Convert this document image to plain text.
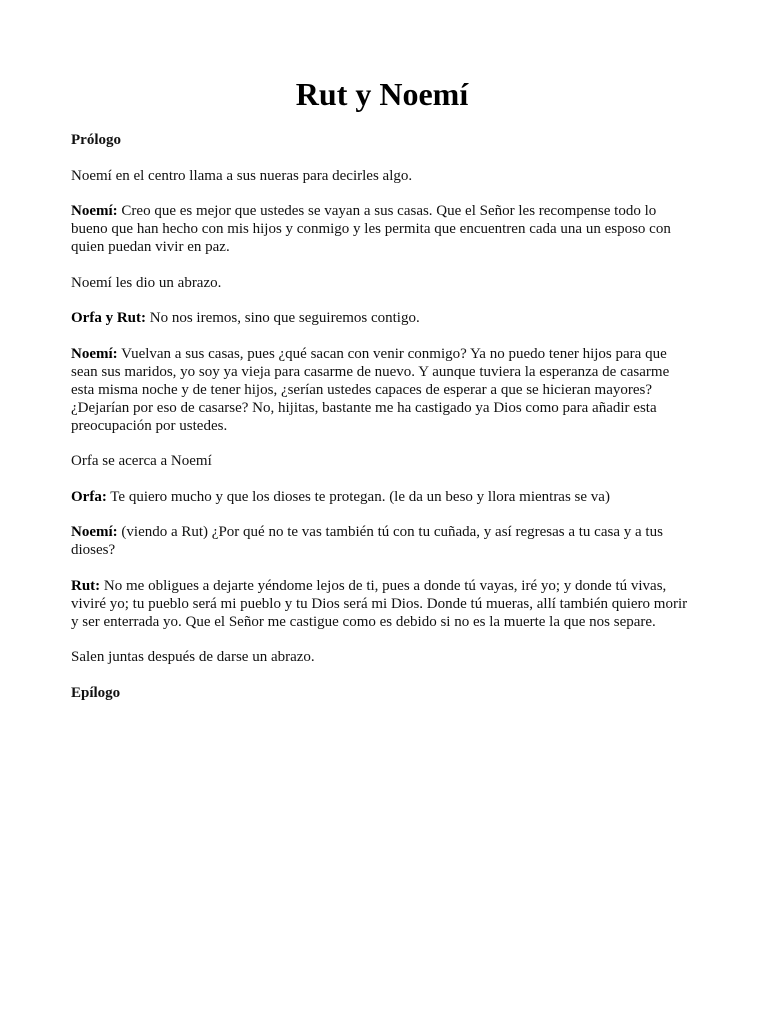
Rut y Noemí

Prólogo

Noemí en el centro llama a sus nueras para decirles algo.

Noemí: Creo que es mejor que ustedes se vayan a sus casas. Que el Señor les recompense todo lo bueno que han hecho con mis hijos y conmigo y les permita que encuentren cada una un esposo con quien puedan vivir en paz.

Noemí les dio un abrazo.

Orfa y Rut: No nos iremos, sino que seguiremos contigo.

Noemí: Vuelvan a sus casas, pues ¿qué sacan con venir conmigo? Ya no puedo tener hijos para que sean sus maridos, yo soy ya vieja para casarme de nuevo. Y aunque tuviera la esperanza de casarme esta misma noche y de tener hijos, ¿serían ustedes capaces de esperar a que se hicieran mayores? ¿Dejarían por eso de casarse? No, hijitas, bastante me ha castigado ya Dios como para añadir esta preocupación por ustedes.

Orfa se acerca a Noemí

Orfa: Te quiero mucho y que los dioses te protegan. (le da un beso y llora mientras se va)

Noemí: (viendo a Rut) ¿Por qué no te vas también tú con tu cuñada, y así regresas a tu casa y a tus dioses?

Rut: No me obligues a dejarte yéndome lejos de ti, pues a donde tú vayas, iré yo; y donde tú vivas, viviré yo; tu pueblo será mi pueblo y tu Dios será mi Dios. Donde tú mueras, allí también quiero morir y ser enterrada yo. Que el Señor me castigue como es debido si no es la muerte la que nos separe.

Salen juntas después de darse un abrazo.

Epílogo
